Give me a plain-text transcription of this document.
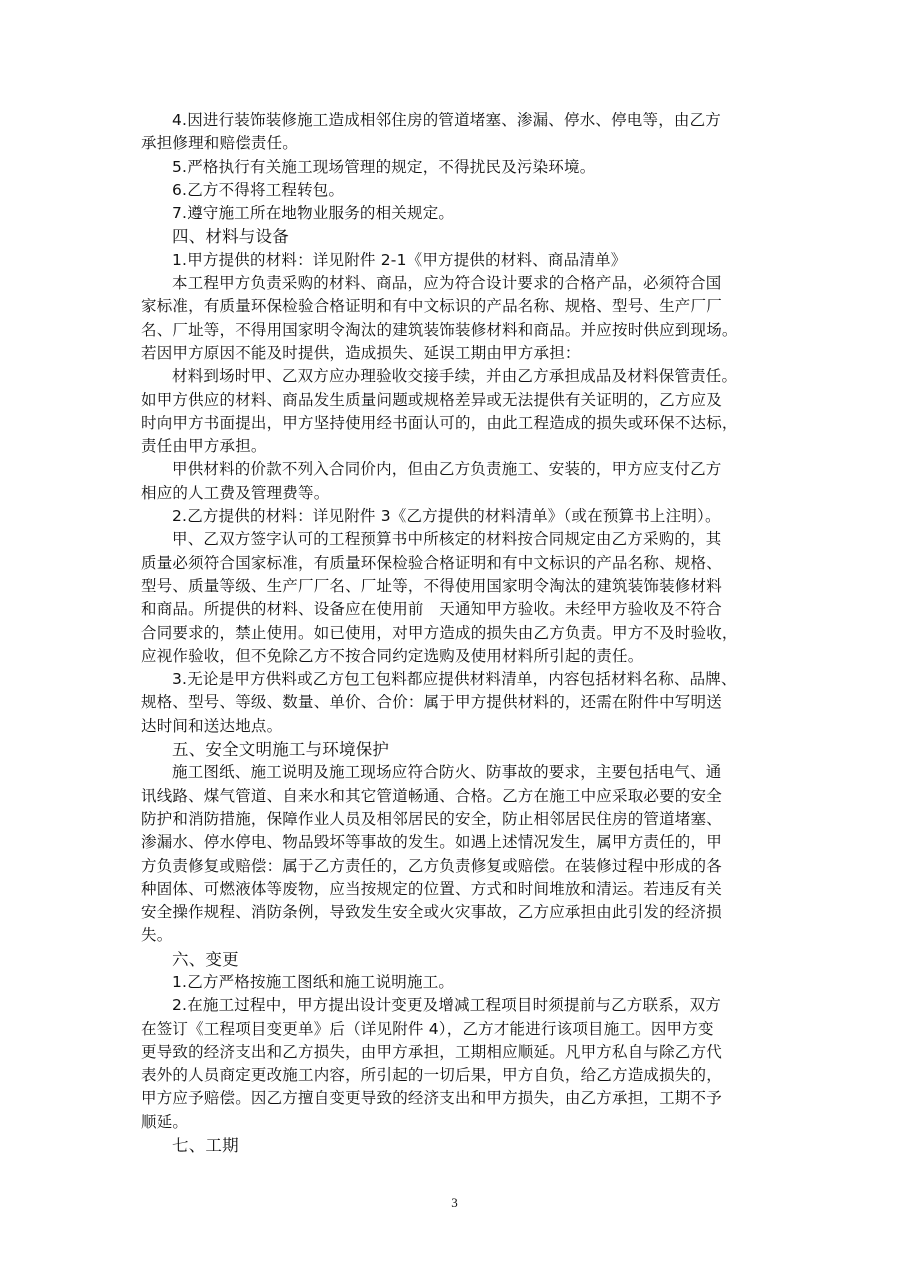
4.因进行装饰装修施工造成相邻住房的管道堵塞、渗漏、停水、停电等，由乙方
承担修理和赔偿责任。
5.严格执行有关施工现场管理的规定，不得扰民及污染环境。
6.乙方不得将工程转包。
7.遵守施工所在地物业服务的相关规定。
四、材料与设备
1.甲方提供的材料：详见附件 2-1《甲方提供的材料、商品清单》
本工程甲方负责采购的材料、商品，应为符合设计要求的合格产品，必须符合国
家标准，有质量环保检验合格证明和有中文标识的产品名称、规格、型号、生产厂厂
名、厂址等，不得用国家明令淘汰的建筑装饰装修材料和商品。并应按时供应到现场。
若因甲方原因不能及时提供，造成损失、延误工期由甲方承担：
材料到场时甲、乙双方应办理验收交接手续，并由乙方承担成品及材料保管责任。
如甲方供应的材料、商品发生质量问题或规格差异或无法提供有关证明的，乙方应及
时向甲方书面提出，甲方坚持使用经书面认可的，由此工程造成的损失或环保不达标，
责任由甲方承担。
甲供材料的价款不列入合同价内，但由乙方负责施工、安装的，甲方应支付乙方
相应的人工费及管理费等。
2.乙方提供的材料：详见附件 3《乙方提供的材料清单》（或在预算书上注明）。
甲、乙双方签字认可的工程预算书中所核定的材料按合同规定由乙方采购的，其
质量必须符合国家标准，有质量环保检验合格证明和有中文标识的产品名称、规格、
型号、质量等级、生产厂厂名、厂址等，不得使用国家明令淘汰的建筑装饰装修材料
和商品。所提供的材料、设备应在使用前　天通知甲方验收。未经甲方验收及不符合
合同要求的，禁止使用。如已使用，对甲方造成的损失由乙方负责。甲方不及时验收，
应视作验收，但不免除乙方不按合同约定选购及使用材料所引起的责任。
3.无论是甲方供料或乙方包工包料都应提供材料清单，内容包括材料名称、品牌、
规格、型号、等级、数量、单价、合价：属于甲方提供材料的，还需在附件中写明送
达时间和送达地点。
五、安全文明施工与环境保护
施工图纸、施工说明及施工现场应符合防火、防事故的要求，主要包括电气、通
讯线路、煤气管道、自来水和其它管道畅通、合格。乙方在施工中应采取必要的安全
防护和消防措施，保障作业人员及相邻居民的安全，防止相邻居民住房的管道堵塞、
渗漏水、停水停电、物品毁坏等事故的发生。如遇上述情况发生，属甲方责任的，甲
方负责修复或赔偿：属于乙方责任的，乙方负责修复或赔偿。在装修过程中形成的各
种固体、可燃液体等废物，应当按规定的位置、方式和时间堆放和清运。若违反有关
安全操作规程、消防条例，导致发生安全或火灾事故，乙方应承担由此引发的经济损
失。
六、变更
1.乙方严格按施工图纸和施工说明施工。
2.在施工过程中，甲方提出设计变更及增减工程项目时须提前与乙方联系，双方
在签订《工程项目变更单》后（详见附件 4），乙方才能进行该项目施工。因甲方变
更导致的经济支出和乙方损失，由甲方承担，工期相应顺延。凡甲方私自与除乙方代
表外的人员商定更改施工内容，所引起的一切后果，甲方自负，给乙方造成损失的，
甲方应予赔偿。因乙方擅自变更导致的经济支出和甲方损失，由乙方承担，工期不予
顺延。
七、工期
3
